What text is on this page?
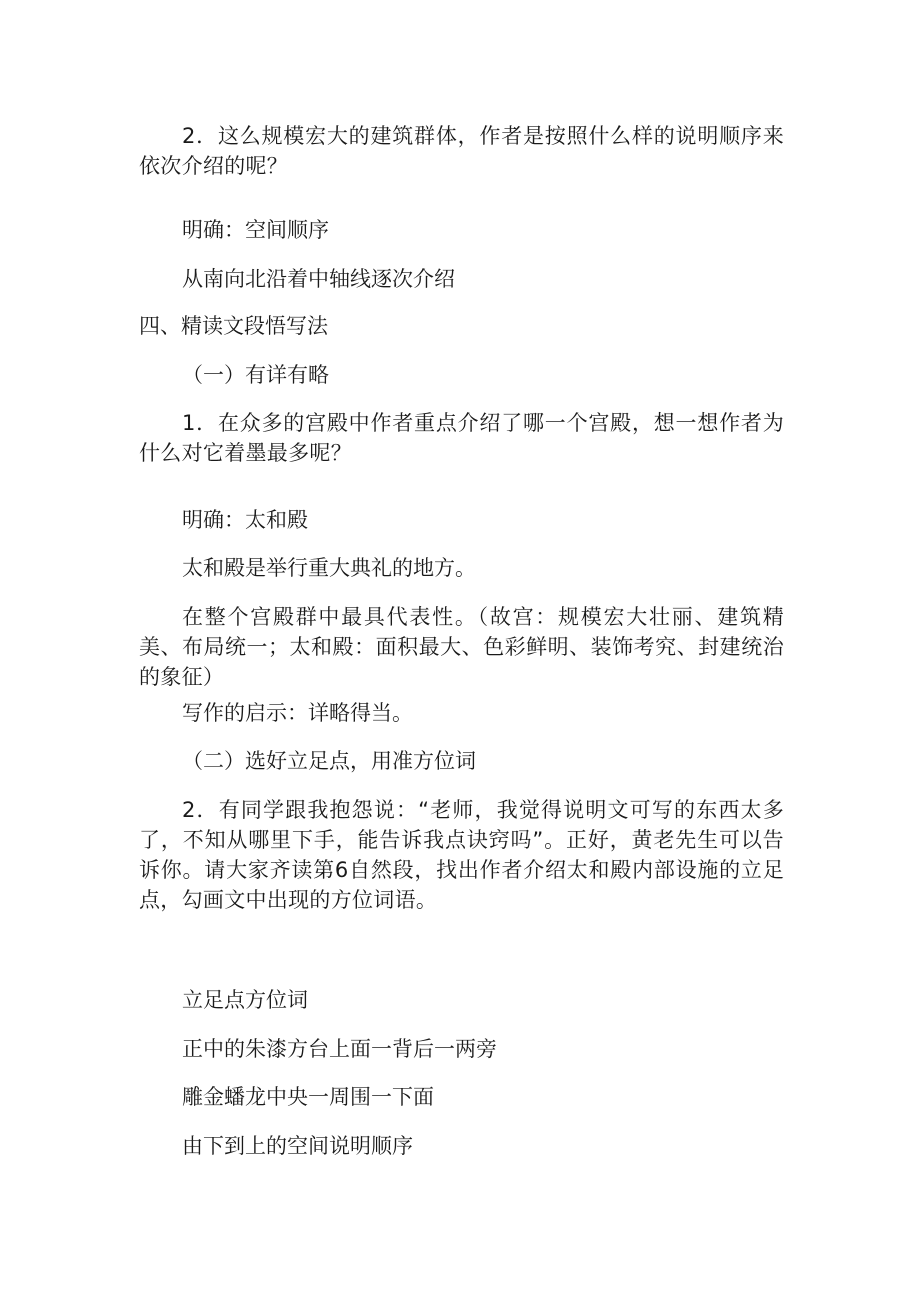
2．这么规模宏大的建筑群体，作者是按照什么样的说明顺序来依次介绍的呢？
明确：空间顺序
从南向北沿着中轴线逐次介绍
四、精读文段悟写法
（一）有详有略
1．在众多的宫殿中作者重点介绍了哪一个宫殿，想一想作者为什么对它着墨最多呢？
明确：太和殿
太和殿是举行重大典礼的地方。
在整个宫殿群中最具代表性。（故宫：规模宏大壮丽、建筑精美、布局统一；太和殿：面积最大、色彩鲜明、装饰考究、封建统治的象征）
写作的启示：详略得当。
（二）选好立足点，用准方位词
2．有同学跟我抱怨说：“老师，我觉得说明文可写的东西太多了，不知从哪里下手，能告诉我点诀窍吗”。正好，黄老先生可以告诉你。请大家齐读第6自然段，找出作者介绍太和殿内部设施的立足点，勾画文中出现的方位词语。
立足点方位词
正中的朱漆方台上面一背后一两旁
雕金蟠龙中央一周围一下面
由下到上的空间说明顺序
